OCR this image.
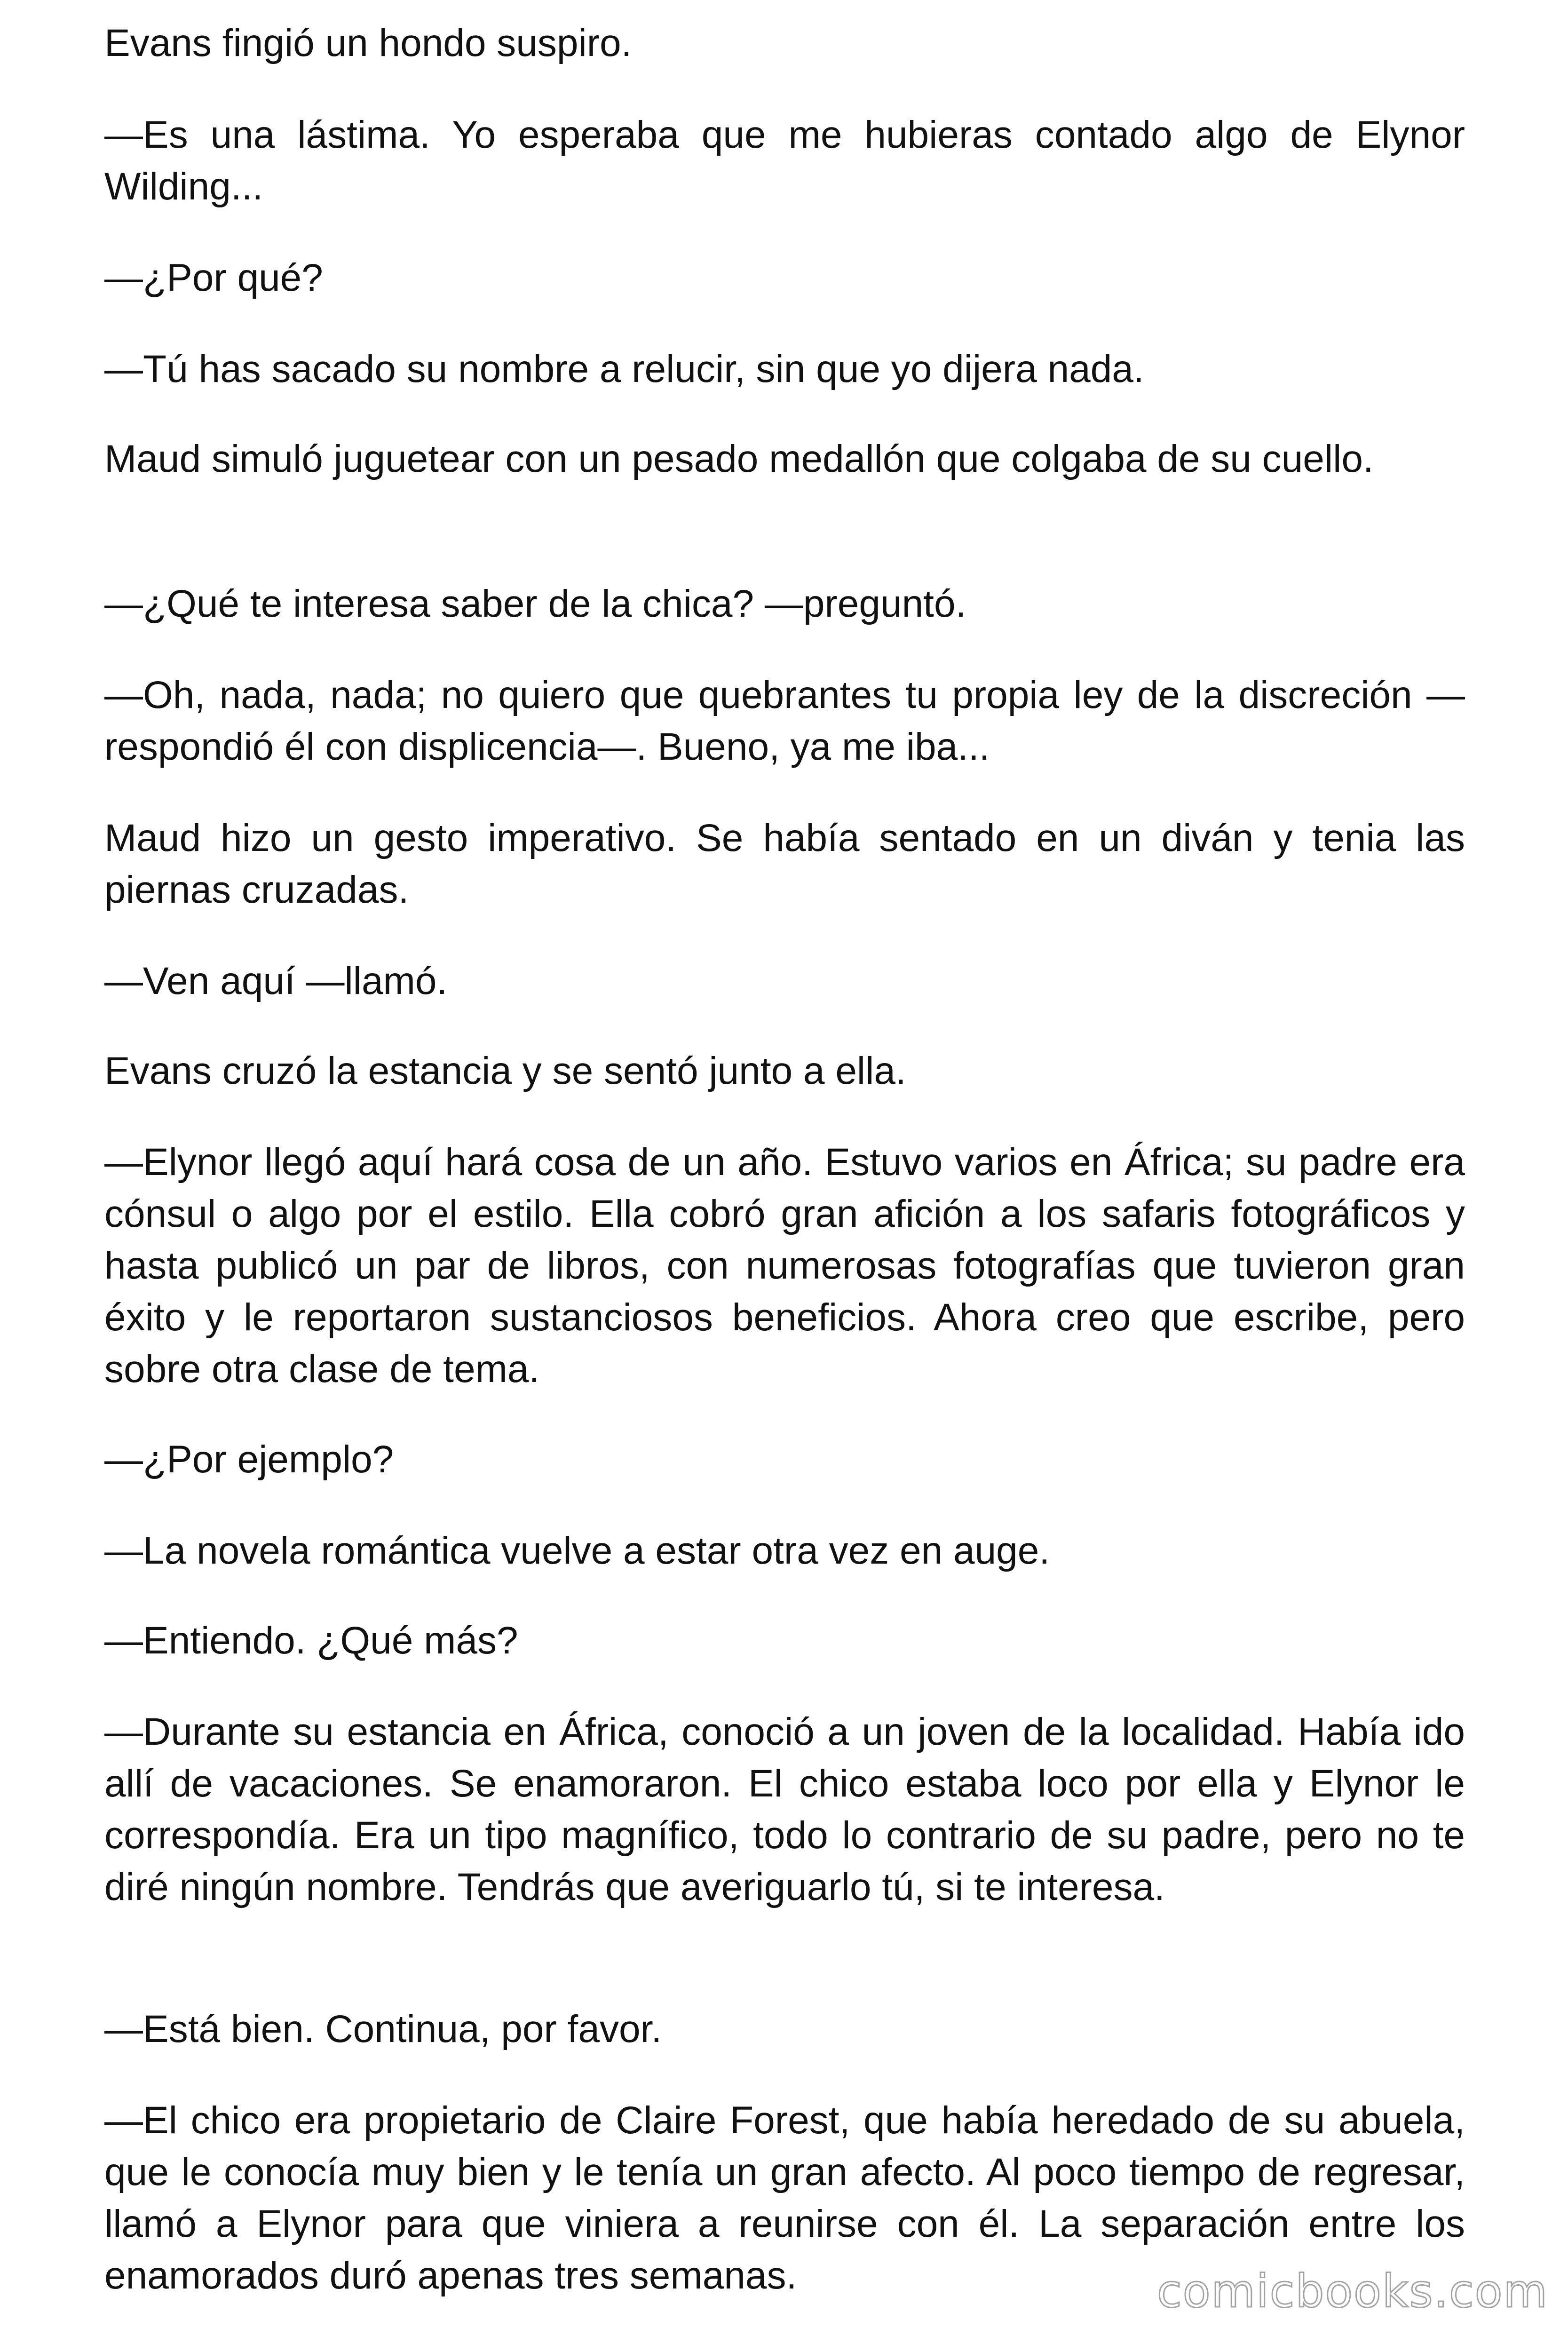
Evans fingió un hondo suspiro.

—Es una lástima. Yo esperaba que me hubieras contado algo de Elynor Wilding...

—¿Por qué?

—Tú has sacado su nombre a relucir, sin que yo dijera nada.

Maud simuló juguetear con un pesado medallón que colgaba de su cuello.

—¿Qué te interesa saber de la chica? —preguntó.

—Oh, nada, nada; no quiero que quebrantes tu propia ley de la discreción —respondió él con displicencia—. Bueno, ya me iba...

Maud hizo un gesto imperativo. Se había sentado en un diván y tenia las piernas cruzadas.

—Ven aquí —llamó.

Evans cruzó la estancia y se sentó junto a ella.

—Elynor llegó aquí hará cosa de un año. Estuvo varios en África; su padre era cónsul o algo por el estilo. Ella cobró gran afición a los safaris fotográficos y hasta publicó un par de libros, con numerosas fotografías que tuvieron gran éxito y le reportaron sustanciosos beneficios. Ahora creo que escribe, pero sobre otra clase de tema.

—¿Por ejemplo?

—La novela romántica vuelve a estar otra vez en auge.

—Entiendo. ¿Qué más?

—Durante su estancia en África, conoció a un joven de la localidad. Había ido allí de vacaciones. Se enamoraron. El chico estaba loco por ella y Elynor le correspondía. Era un tipo magnífico, todo lo contrario de su padre, pero no te diré ningún nombre. Tendrás que averiguarlo tú, si te interesa.

—Está bien. Continua, por favor.

—El chico era propietario de Claire Forest, que había heredado de su abuela, que le conocía muy bien y le tenía un gran afecto. Al poco tiempo de regresar, llamó a Elynor para que viniera a reunirse con él. La separación entre los enamorados duró apenas tres semanas.	comicbooks.com
